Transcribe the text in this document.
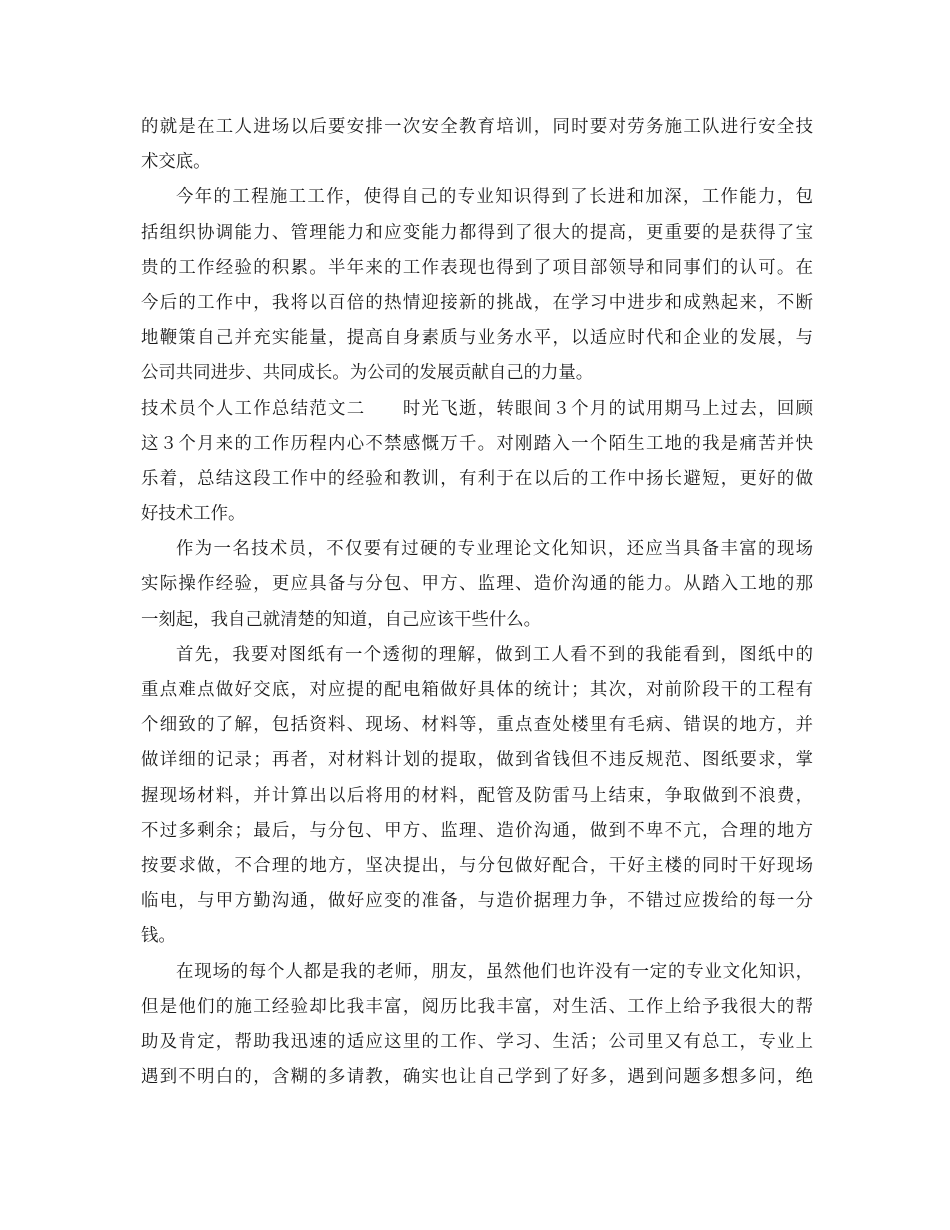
的就是在工人进场以后要安排一次安全教育培训，同时要对劳务施工队进行安全技
术交底。
今年的工程施工工作，使得自己的专业知识得到了长进和加深，工作能力，包
括组织协调能力、管理能力和应变能力都得到了很大的提高，更重要的是获得了宝
贵的工作经验的积累。半年来的工作表现也得到了项目部领导和同事们的认可。在
今后的工作中，我将以百倍的热情迎接新的挑战，在学习中进步和成熟起来，不断
地鞭策自己并充实能量，提高自身素质与业务水平，以适应时代和企业的发展，与
公司共同进步、共同成长。为公司的发展贡献自己的力量。
技术员个人工作总结范文二　　时光飞逝，转眼间３个月的试用期马上过去，回顾
这３个月来的工作历程内心不禁感慨万千。对刚踏入一个陌生工地的我是痛苦并快
乐着，总结这段工作中的经验和教训，有利于在以后的工作中扬长避短，更好的做
好技术工作。
作为一名技术员，不仅要有过硬的专业理论文化知识，还应当具备丰富的现场
实际操作经验，更应具备与分包、甲方、监理、造价沟通的能力。从踏入工地的那
一刻起，我自己就清楚的知道，自己应该干些什么。
首先，我要对图纸有一个透彻的理解，做到工人看不到的我能看到，图纸中的
重点难点做好交底，对应提的配电箱做好具体的统计；其次，对前阶段干的工程有
个细致的了解，包括资料、现场、材料等，重点查处楼里有毛病、错误的地方，并
做详细的记录；再者，对材料计划的提取，做到省钱但不违反规范、图纸要求，掌
握现场材料，并计算出以后将用的材料，配管及防雷马上结束，争取做到不浪费，
不过多剩余；最后，与分包、甲方、监理、造价沟通，做到不卑不亢，合理的地方
按要求做，不合理的地方，坚决提出，与分包做好配合，干好主楼的同时干好现场
临电，与甲方勤沟通，做好应变的准备，与造价据理力争，不错过应拨给的每一分
钱。
在现场的每个人都是我的老师，朋友，虽然他们也许没有一定的专业文化知识，
但是他们的施工经验却比我丰富，阅历比我丰富，对生活、工作上给予我很大的帮
助及肯定，帮助我迅速的适应这里的工作、学习、生活；公司里又有总工，专业上
遇到不明白的，含糊的多请教，确实也让自己学到了好多，遇到问题多想多问，绝
